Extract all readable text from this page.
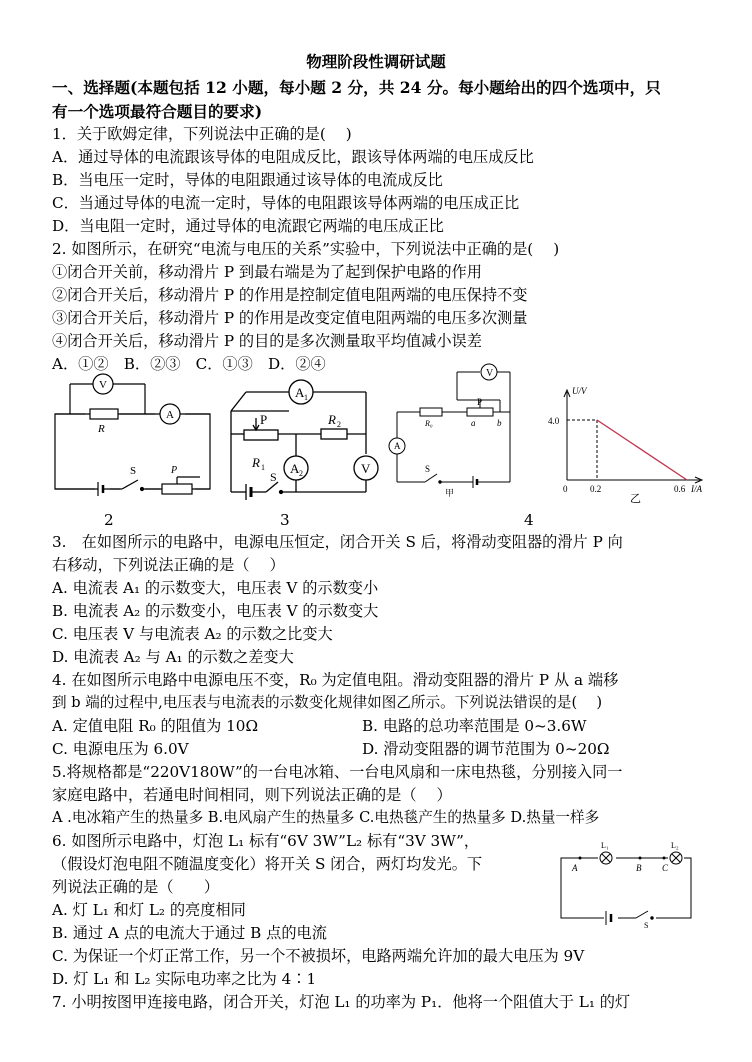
物理阶段性调研试题
一、选择题(本题包括 12 小题，每小题 2 分，共 24 分。每小题给出的四个选项中，只
有一个选项最符合题目的要求)
1．关于欧姆定律，下列说法中正确的是(　 )
A．通过导体的电流跟该导体的电阻成反比，跟该导体两端的电压成反比
B．当电压一定时，导体的电阻跟通过该导体的电流成反比
C．当通过导体的电流一定时，导体的电阻跟该导体两端的电压成正比
D．当电阻一定时，通过导体的电流跟它两端的电压成正比
2. 如图所示，在研究“电流与电压的关系”实验中，下列说法中正确的是(　 )
①闭合开关前，移动滑片 P 到最右端是为了起到保护电路的作用
②闭合开关后，移动滑片 P 的作用是控制定值电阻两端的电压保持不变
③闭合开关后，移动滑片 P 的作用是改变定值电阻两端的电压多次测量
④闭合开关后，移动滑片 P 的目的是多次测量取平均值减小误差
A．①②　B．②③　C．①③　D．②④
V
A
R
S	P
2
A 1
P	R 2
R 1 A 2	V
S
3
V
P
R₀	a b
A
S
甲
U/V
4.0
0	0.2	0.6 I/A
乙
4
3.　在如图所示的电路中，电源电压恒定，闭合开关 S 后，将滑动变阻器的滑片 P 向
右移动，下列说法正确的是（　 ）
A. 电流表 A₁ 的示数变大，电压表 V 的示数变小
B. 电流表 A₂ 的示数变小，电压表 V 的示数变大
C. 电压表 V 与电流表 A₂ 的示数之比变大
D. 电流表 A₂ 与 A₁ 的示数之差变大
4. 在如图所示电路中电源电压不变，R₀ 为定值电阻。滑动变阻器的滑片 P 从 a 端移
到 b 端的过程中,电压表与电流表的示数变化规律如图乙所示。下列说法错误的是(　 )
A. 定值电阻 R₀ 的阻值为 10Ω	B. 电路的总功率范围是 0~3.6W
C. 电源电压为 6.0V	D. 滑动变阻器的调节范围为 0~20Ω
5.将规格都是“220V180W”的一台电冰箱、一台电风扇和一床电热毯，分别接入同一
家庭电路中，若通电时间相同，则下列说法正确的是（　 ）
A .电冰箱产生的热量多 B.电风扇产生的热量多 C.电热毯产生的热量多 D.热量一样多
6. 如图所示电路中，灯泡 L₁ 标有“6V 3W”L₂ 标有“3V 3W”，
（假设灯泡电阻不随温度变化）将开关 S 闭合，两灯均发光。下
列说法正确的是（　　）
A. 灯 L₁ 和灯 L₂ 的亮度相同
B. 通过 A 点的电流大于通过 B 点的电流
C. 为保证一个灯正常工作，另一个不被损坏，电路两端允许加的最大电压为 9V
D. 灯 L₁ 和 L₂ 实际电功率之比为 4∶1
L₁	L₂
A	B C
S
7. 小明按图甲连接电路，闭合开关，灯泡 L₁ 的功率为 P₁．他将一个阻值大于 L₁ 的灯
